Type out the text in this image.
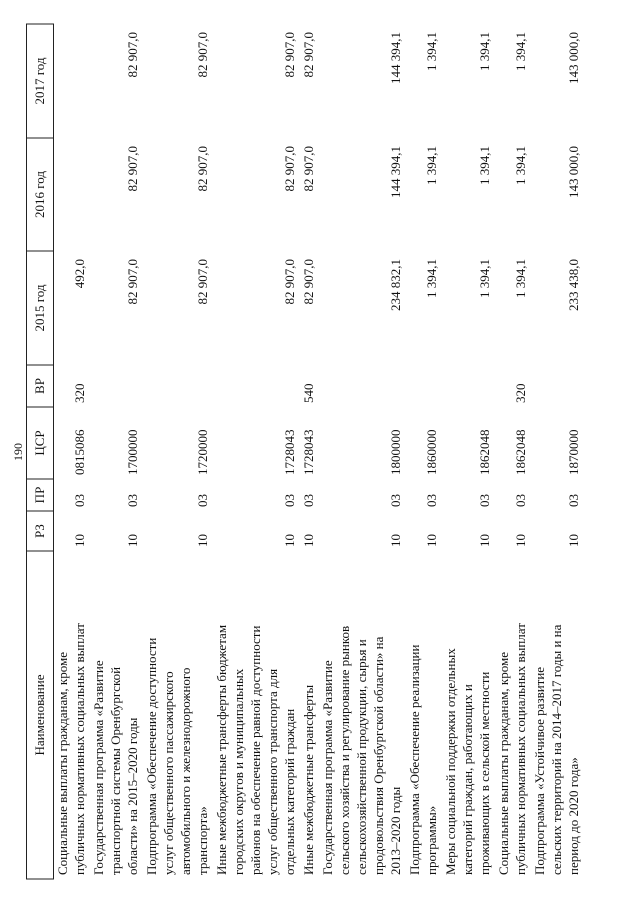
190
Наименование	РЗ	ПР	ЦСР	ВР	2015 год	2016 год	2017 год

Социальные выплаты гражданам, кроме публичных нормативных социальных выплат	10	03	0815086	320	492,0		

Государственная программа «Развитие транспортной системы Оренбургской области» на 2015–2020 годы	10	03	1700000		82 907,0	82 907,0	82 907,0

Подпрограмма «Обеспечение доступности услуг общественного пассажирского автомобильного и железнодорожного транспорта»	10	03	1720000		82 907,0	82 907,0	82 907,0

Иные межбюджетные трансферты бюджетам городских округов и муниципальных районов на обеспечение равной доступности услуг общественного транспорта для отдельных категорий граждан	10	03	1728043		82 907,0	82 907,0	82 907,0

Иные межбюджетные трансферты	10	03	1728043	540	82 907,0	82 907,0	82 907,0

Государственная программа «Развитие сельского хозяйства и регулирование рынков сельскохозяйственной продукции, сырья и продовольствия Оренбургской области» на 2013–2020 годы	10	03	1800000		234 832,1	144 394,1	144 394,1

Подпрограмма «Обеспечение реализации программы»	10	03	1860000		1 394,1	1 394,1	1 394,1

Меры социальной поддержки отдельных категорий граждан, работающих и проживающих в сельской местности	10	03	1862048		1 394,1	1 394,1	1 394,1

Социальные выплаты гражданам, кроме публичных нормативных социальных выплат	10	03	1862048	320	1 394,1	1 394,1	1 394,1

Подпрограмма «Устойчивое развитие сельских территорий на 2014–2017 годы и на период до 2020 года»	10	03	1870000		233 438,0	143 000,0	143 000,0
